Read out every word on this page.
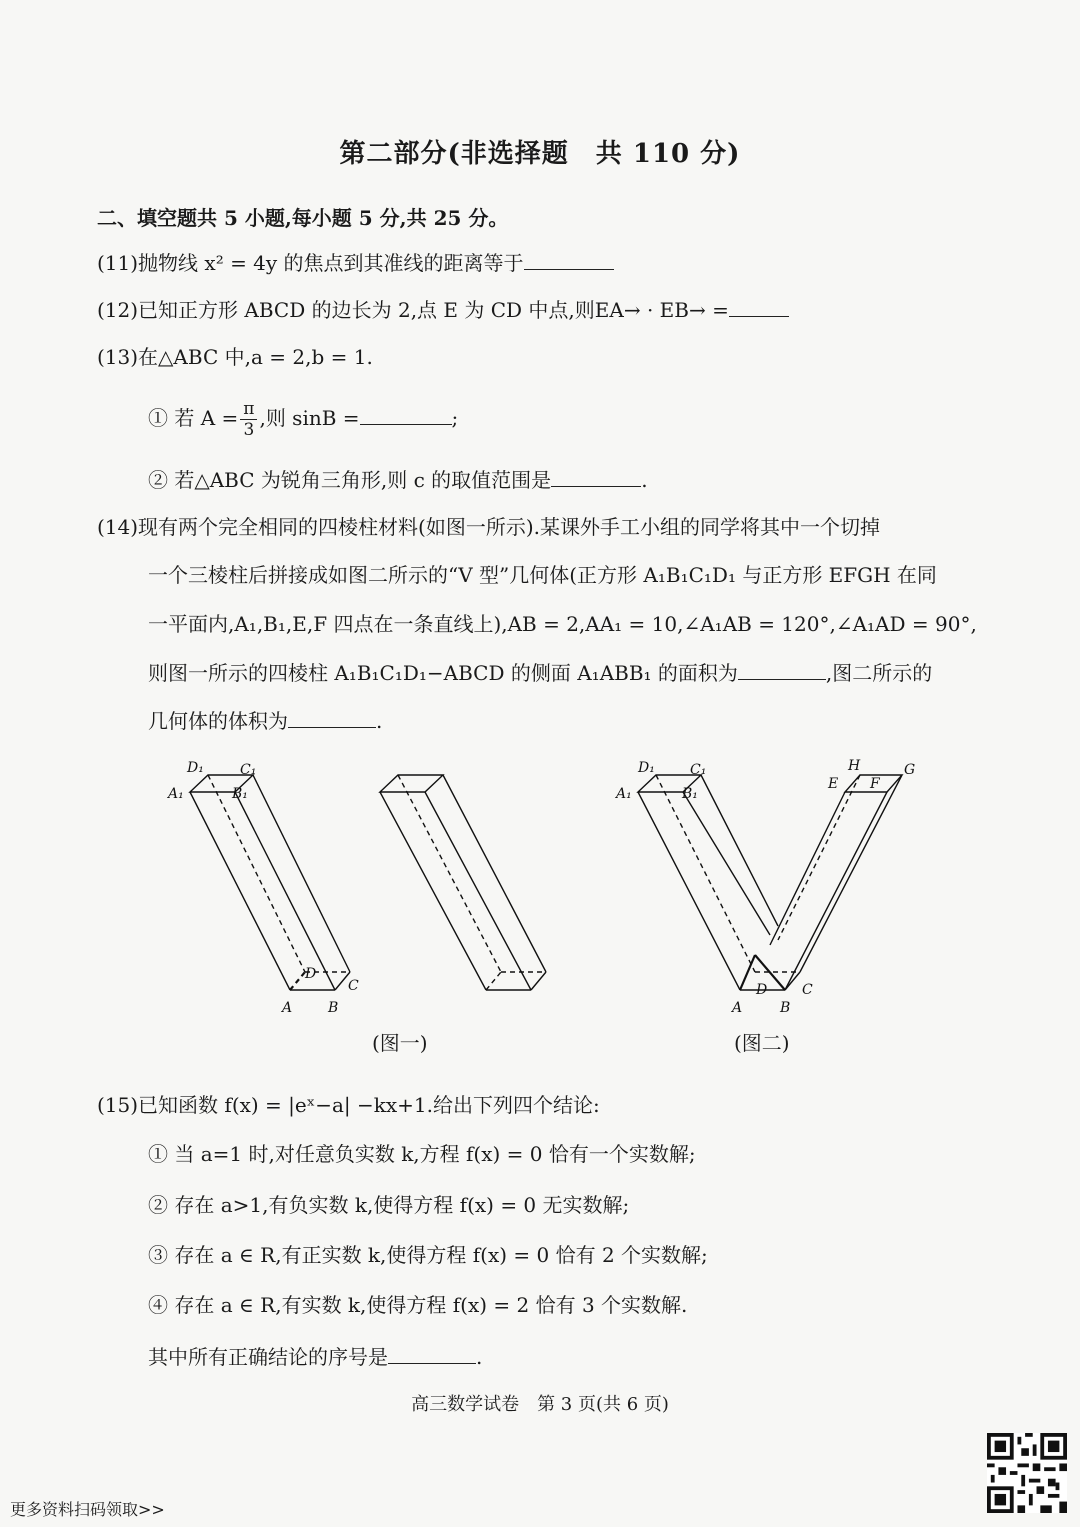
第二部分(非选择题　共 110 分)
二、填空题共 5 小题,每小题 5 分,共 25 分。
(11)抛物线 x² = 4y 的焦点到其准线的距离等于
(12)已知正方形 ABCD 的边长为 2,点 E 为 CD 中点,则EA→ · EB→ =
(13)在△ABC 中,a = 2,b = 1.
① 若 $A = \frac{\pi}{3}$ ,则 sinB =	;
② 若△ABC 为锐角三角形,则 c 的取值范围是	.
(14)现有两个完全相同的四棱柱材料(如图一所示).某课外手工小组的同学将其中一个切掉
一个三棱柱后拼接成如图二所示的“V 型”几何体(正方形 A₁B₁C₁D₁ 与正方形 EFGH 在同
一平面内,A₁,B₁,E,F 四点在一条直线上),AB = 2,AA₁ = 10,∠A₁AB = 120°,∠A₁AD = 90°,
则图一所示的四棱柱 A₁B₁C₁D₁−ABCD 的侧面 A₁ABB₁ 的面积为	,图二所示的
几何体的体积为	.
D₁	C₁
A₁	B₁
A	B
C
D
D₁	C₁
A₁	B₁
H	G
E F
A	B
C
D
(图一)	(图二)
(15)已知函数 f(x) = |eˣ−a| −kx+1.给出下列四个结论:
① 当 a=1 时,对任意负实数 k,方程 f(x) = 0 恰有一个实数解;
② 存在 a>1,有负实数 k,使得方程 f(x) = 0 无实数解;
③ 存在 a ∈ R,有正实数 k,使得方程 f(x) = 0 恰有 2 个实数解;
④ 存在 a ∈ R,有实数 k,使得方程 f(x) = 2 恰有 3 个实数解.
其中所有正确结论的序号是	.
高三数学试卷　第 3 页(共 6 页)
更多资料扫码领取>>
